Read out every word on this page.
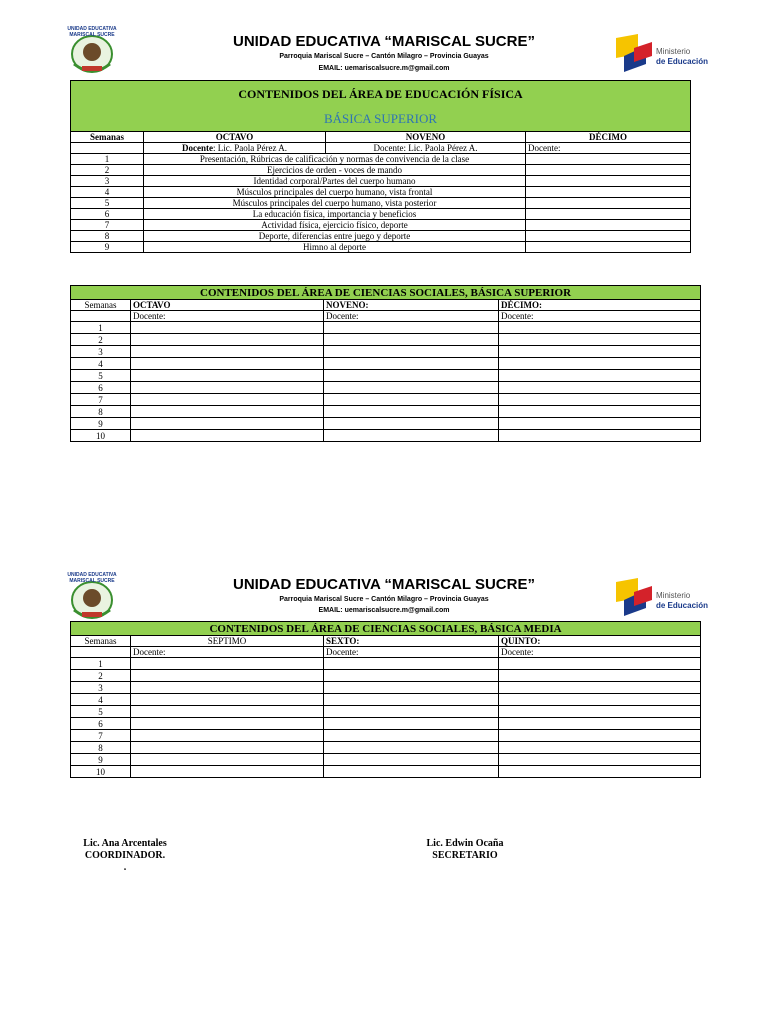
UNIDAD EDUCATIVA
MARISCAL SUCRE	UNIDAD EDUCATIVA “MARISCAL SUCRE”
Parroquia Mariscal Sucre – Cantón Milagro – Provincia Guayas
EMAIL: uemariscalsucre.m@gmail.com
Ministerio
de Educación
CONTENIDOS DEL ÁREA DE EDUCACIÓN FÍSICA			
BÁSICA SUPERIOR			
Semanas	OCTAVO	NOVENO	DÉCIMO
	Docente: Lic. Paola Pérez A.	Docente: Lic. Paola Pérez A.	Docente:
1	Presentación, Rúbricas de calificación y normas de convivencia de la clase		
2	Ejercicios de orden - voces de mando		
3	Identidad corporal/Partes del cuerpo humano		
4	Músculos principales del cuerpo humano, vista frontal		
5	Músculos principales del cuerpo humano, vista posterior		
6	La educación física, importancia y beneficios		
7	Actividad física, ejercicio físico, deporte		
8	Deporte, diferencias entre juego y deporte		
9	Himno al deporte		
CONTENIDOS DEL ÁREA DE CIENCIAS SOCIALES, BÁSICA SUPERIOR			
Semanas	OCTAVO	NOVENO:	DÉCIMO:
	Docente:	Docente:	Docente:
1			
2			
3			
4			
5			
6			
7			
8			
9			
10			
UNIDAD EDUCATIVA
MARISCAL SUCRE	UNIDAD EDUCATIVA “MARISCAL SUCRE”
Parroquia Mariscal Sucre – Cantón Milagro – Provincia Guayas
EMAIL: uemariscalsucre.m@gmail.com
Ministerio
de Educación
CONTENIDOS DEL ÁREA DE CIENCIAS SOCIALES, BÁSICA MEDIA			
Semanas	SEPTIMO	SEXTO:	QUINTO:
	Docente:	Docente:	Docente:
1			
2			
3			
4			
5			
6			
7			
8			
9			
10			
Lic. Ana Arcentales
COORDINADOR.
.
Lic. Edwin Ocaña
SECRETARIO
